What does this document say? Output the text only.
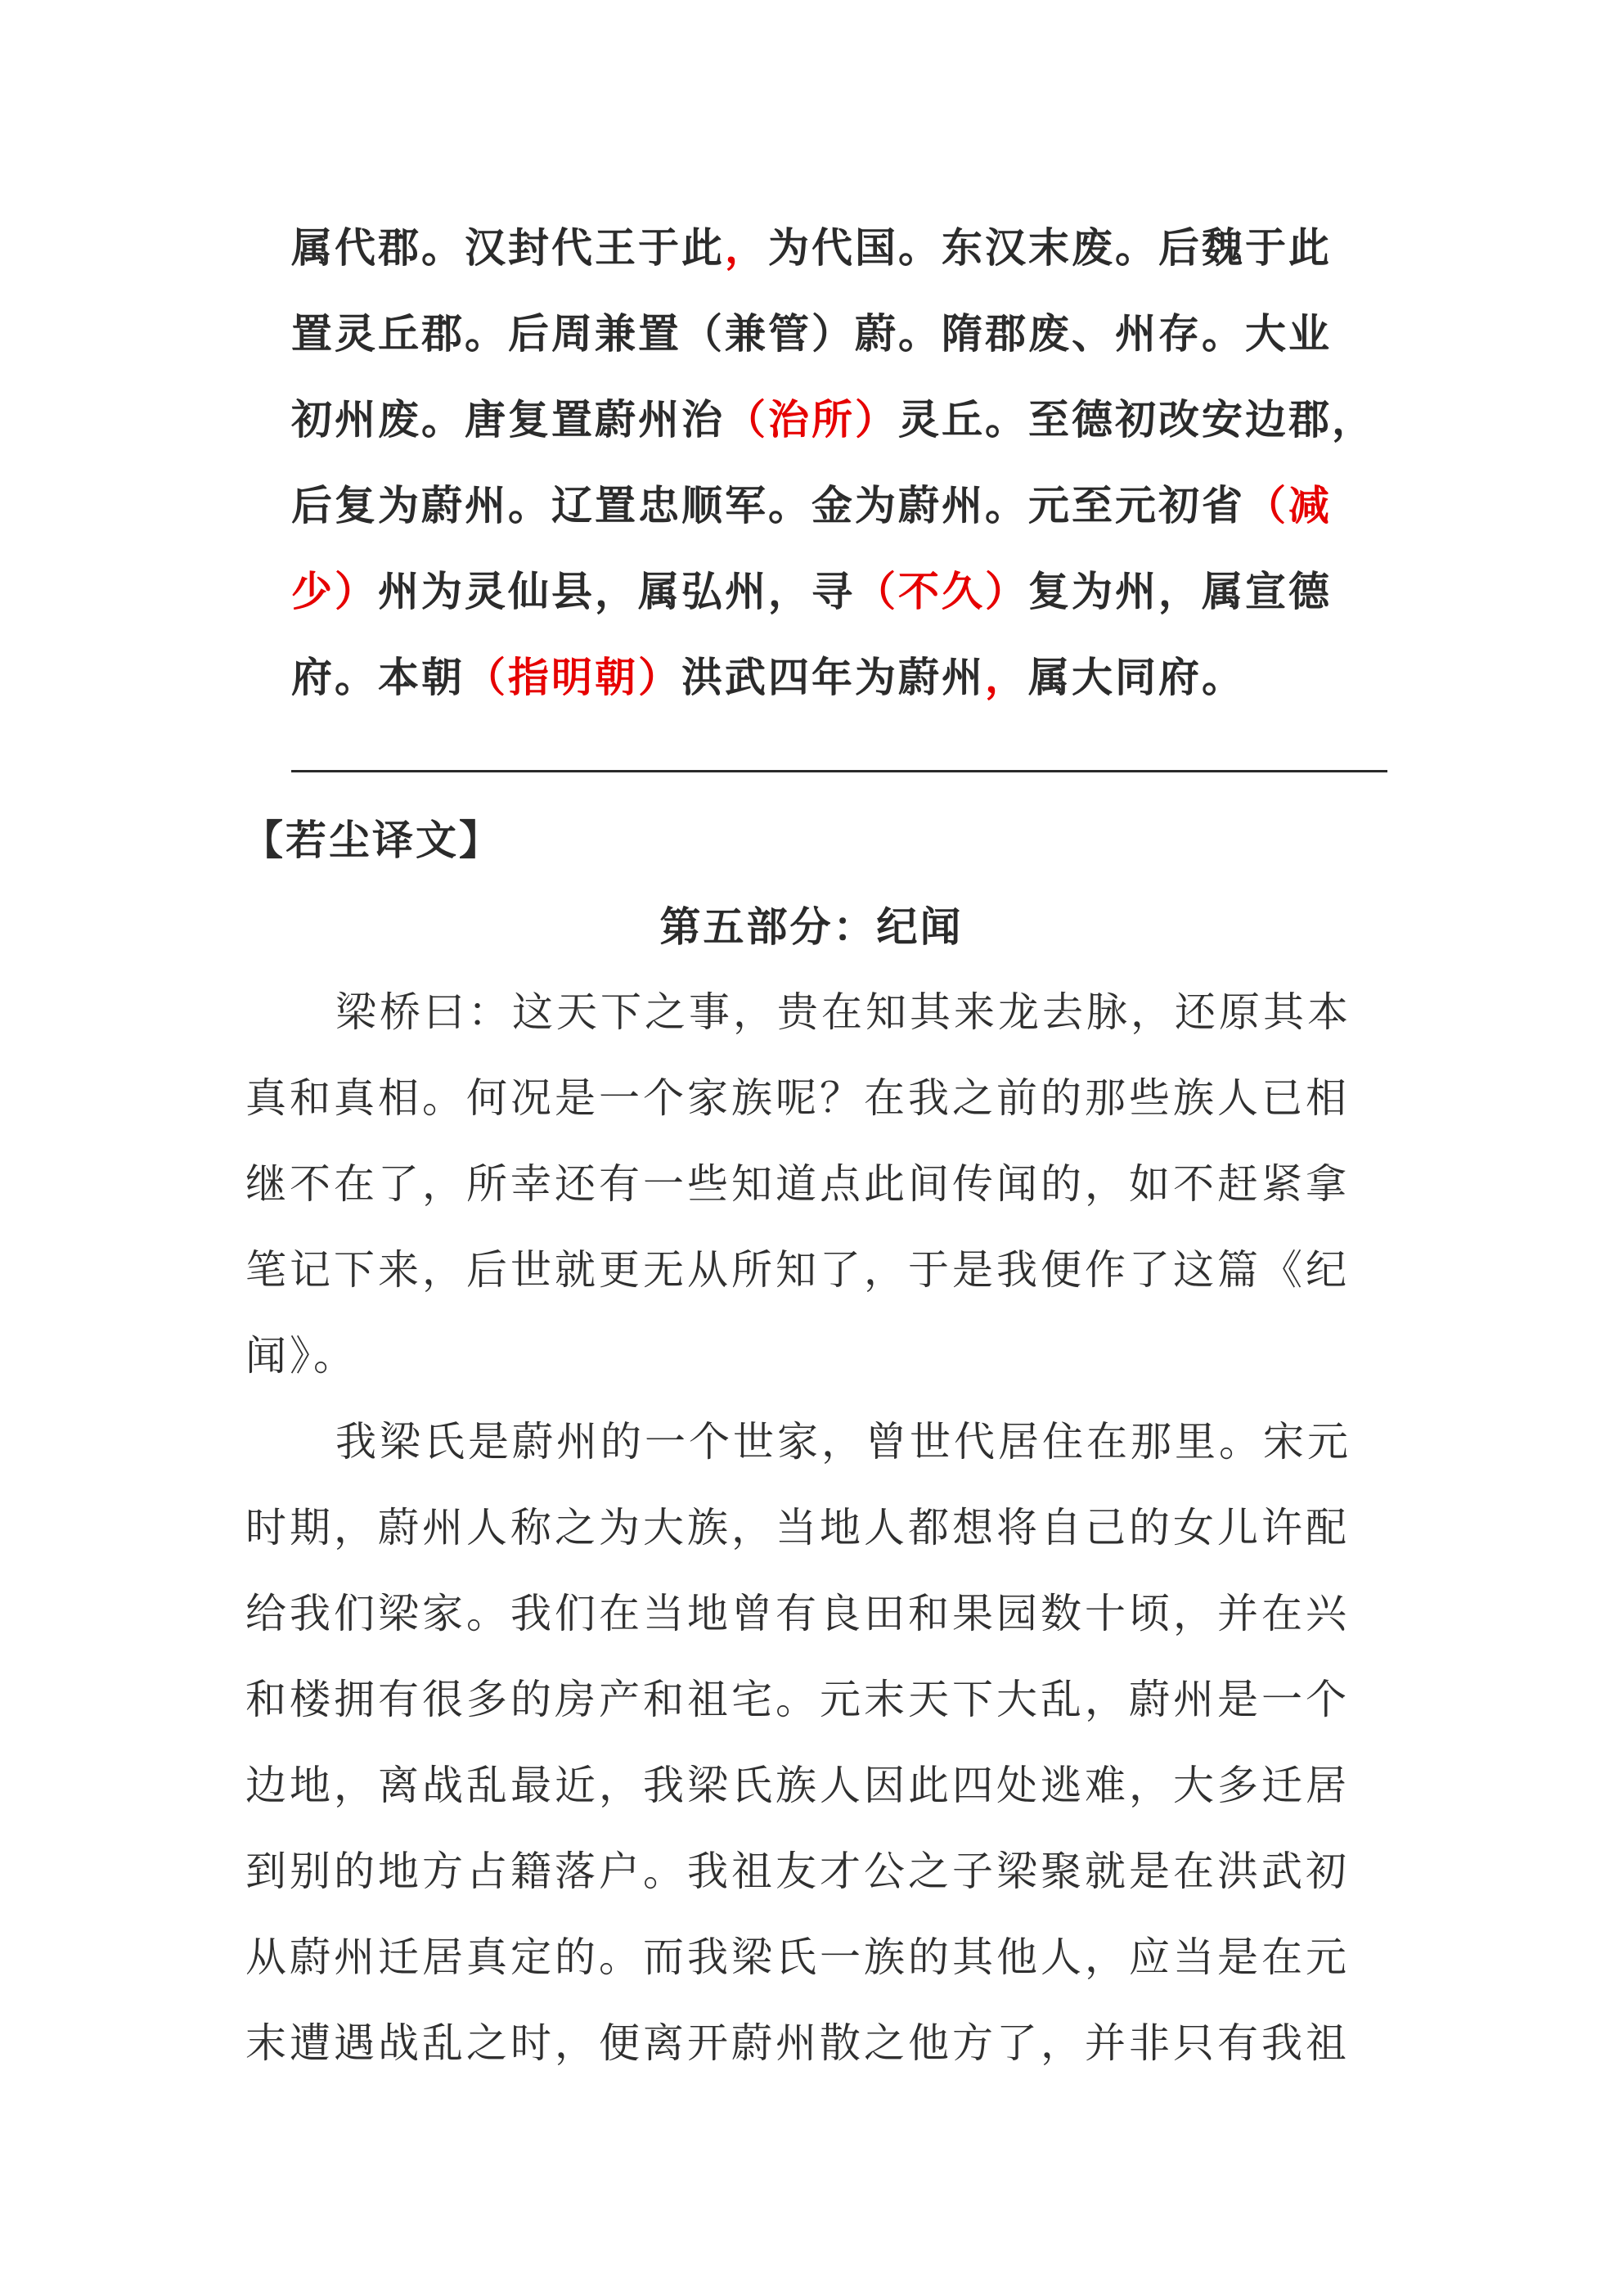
属代郡。汉封代王于此，为代国。东汉末废。后魏于此
置灵丘郡。后周兼置（兼管）蔚。隋郡废、州存。大业
初州废。唐复置蔚州治（治所）灵丘。至德初改安边郡，
后复为蔚州。辽置忠顺军。金为蔚州。元至元初省（减
少）州为灵仙县，属弘州，寻（不久）复为州，属宣德
府。本朝（指明朝）洪武四年为蔚州，属大同府。
【若尘译文】
第五部分：纪闻
梁桥曰：这天下之事，贵在知其来龙去脉，还原其本
真和真相。何况是一个家族呢？在我之前的那些族人已相
继不在了，所幸还有一些知道点此间传闻的，如不赶紧拿
笔记下来，后世就更无从所知了，于是我便作了这篇《纪
闻》。
我梁氏是蔚州的一个世家，曾世代居住在那里。宋元
时期，蔚州人称之为大族，当地人都想将自己的女儿许配
给我们梁家。我们在当地曾有良田和果园数十顷，并在兴
和楼拥有很多的房产和祖宅。元末天下大乱，蔚州是一个
边地，离战乱最近，我梁氏族人因此四处逃难，大多迁居
到别的地方占籍落户。我祖友才公之子梁聚就是在洪武初
从蔚州迁居真定的。而我梁氏一族的其他人，应当是在元
末遭遇战乱之时，便离开蔚州散之他方了，并非只有我祖
